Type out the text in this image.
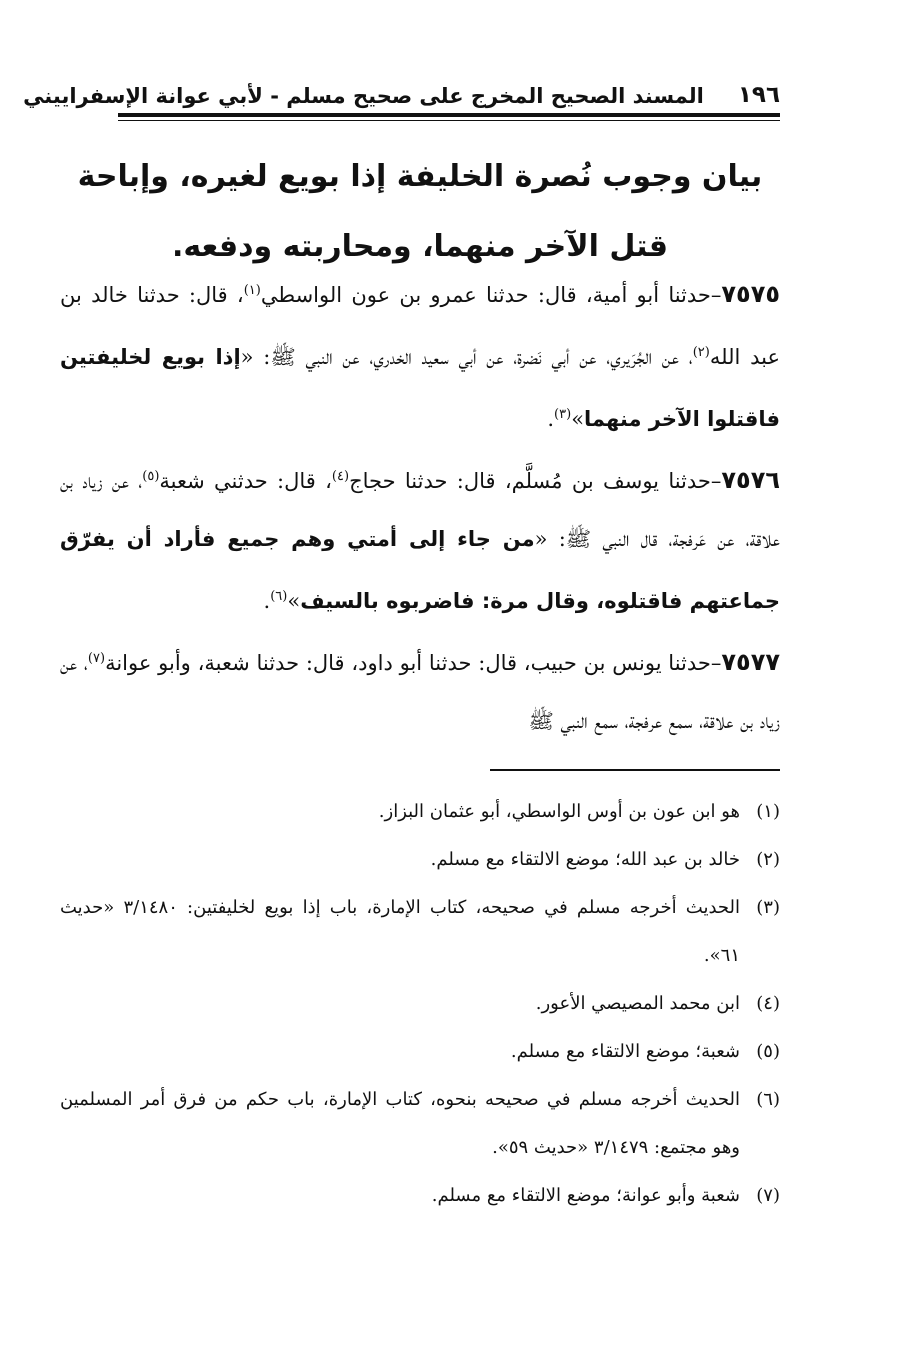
١٩٦
المسند الصحيح المخرج على صحيح مسلم - لأبي عوانة الإسفراييني
بيان وجوب نُصرة الخليفة إذا بويع لغيره، وإباحة قتل الآخر منهما، ومحاربته ودفعه.

٧٥٧٥–حدثنا أبو أمية، قال: حدثنا عمرو بن عون الواسطي$^{(١)}$، قال: حدثنا خالد بن عبد الله$^{(٢)}$، عن الجُرَيري، عن أبي نَضرة، عن أبي سعيد الخدري، عن النبي ﷺ: «إذا بويع لخليفتين فاقتلوا الآخر منهما»$^{(٣)}$.

٧٥٧٦–حدثنا يوسف بن مُسلَّم، قال: حدثنا حجاج$^{(٤)}$، قال: حدثني شعبة$^{(٥)}$، عن زياد بن علاقة، عن عَرفجة، قال النبي ﷺ: «من جاء إلى أمتي وهم جميع فأراد أن يفرّق جماعتهم فاقتلوه، وقال مرة: فاضربوه بالسيف»$^{(٦)}$.

٧٥٧٧–حدثنا يونس بن حبيب، قال: حدثنا أبو داود، قال: حدثنا شعبة، وأبو عوانة$^{(٧)}$، عن زياد بن علاقة، سمع عرفجة، سمع النبي ﷺ

(١)
هو ابن عون بن أوس الواسطي، أبو عثمان البزاز.
(٢)
خالد بن عبد الله؛ موضع الالتقاء مع مسلم.
(٣)
الحديث أخرجه مسلم في صحيحه، كتاب الإمارة، باب إذا بويع لخليفتين: ٣/١٤٨٠ «حديث ٦١».
(٤)
ابن محمد المصيصي الأعور.
(٥)
شعبة؛ موضع الالتقاء مع مسلم.
(٦)
الحديث أخرجه مسلم في صحيحه بنحوه، كتاب الإمارة، باب حكم من فرق أمر المسلمين وهو مجتمع: ٣/١٤٧٩ «حديث ٥٩».
(٧)
شعبة وأبو عوانة؛ موضع الالتقاء مع مسلم.
